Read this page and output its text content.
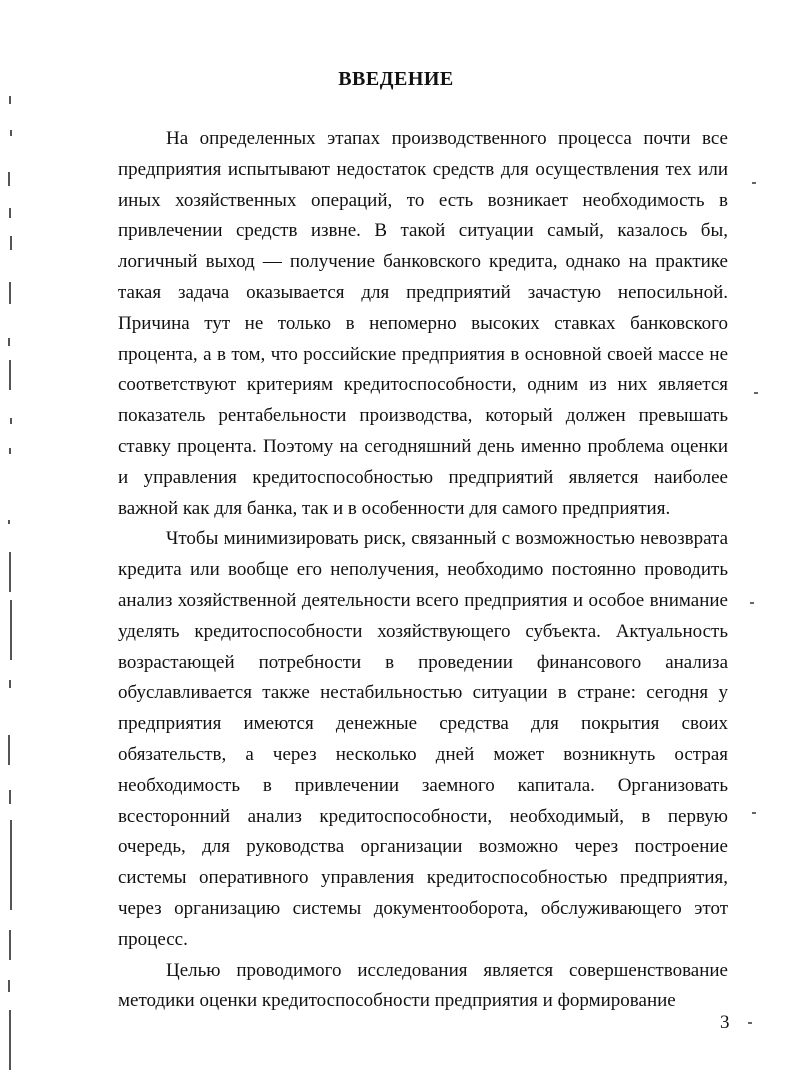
ВВЕДЕНИЕ

На определенных этапах производственного процесса почти все предприятия испытывают недостаток средств для осуществления тех или иных хозяйственных операций, то есть возникает необходимость в привлечении средств извне. В такой ситуации самый, казалось бы, логичный выход — получение банковского кредита, однако на практике такая задача оказывается для предприятий зачастую непосильной. Причина тут не только в непомерно высоких ставках банковского процента, а в том, что российские предприятия в основной своей массе не соответствуют критериям кредитоспособности, одним из них является показатель рентабельности производства, который должен превышать ставку процента. Поэтому на сегодняшний день именно проблема оценки и управления кредитоспособностью предприятий является наиболее важной как для банка, так и в особенности для самого предприятия.

Чтобы минимизировать риск, связанный с возможностью невозврата кредита или вообще его неполучения, необходимо постоянно проводить анализ хозяйственной деятельности всего предприятия и особое внимание уделять кредитоспособности хозяйствующего субъекта. Актуальность возрастающей потребности в проведении финансового анализа обуславливается также нестабильностью ситуации в стране: сегодня у предприятия имеются денежные средства для покрытия своих обязательств, а через несколько дней может возникнуть острая необходимость в привлечении заемного капитала. Организовать всесторонний анализ кредитоспособности, необходимый, в первую очередь, для руководства организации возможно через построение системы оперативного управления кредитоспособностью предприятия, через организацию системы документооборота, обслуживающего этот процесс.

Целью проводимого исследования является совершенствование методики оценки кредитоспособности предприятия и формирование

3
